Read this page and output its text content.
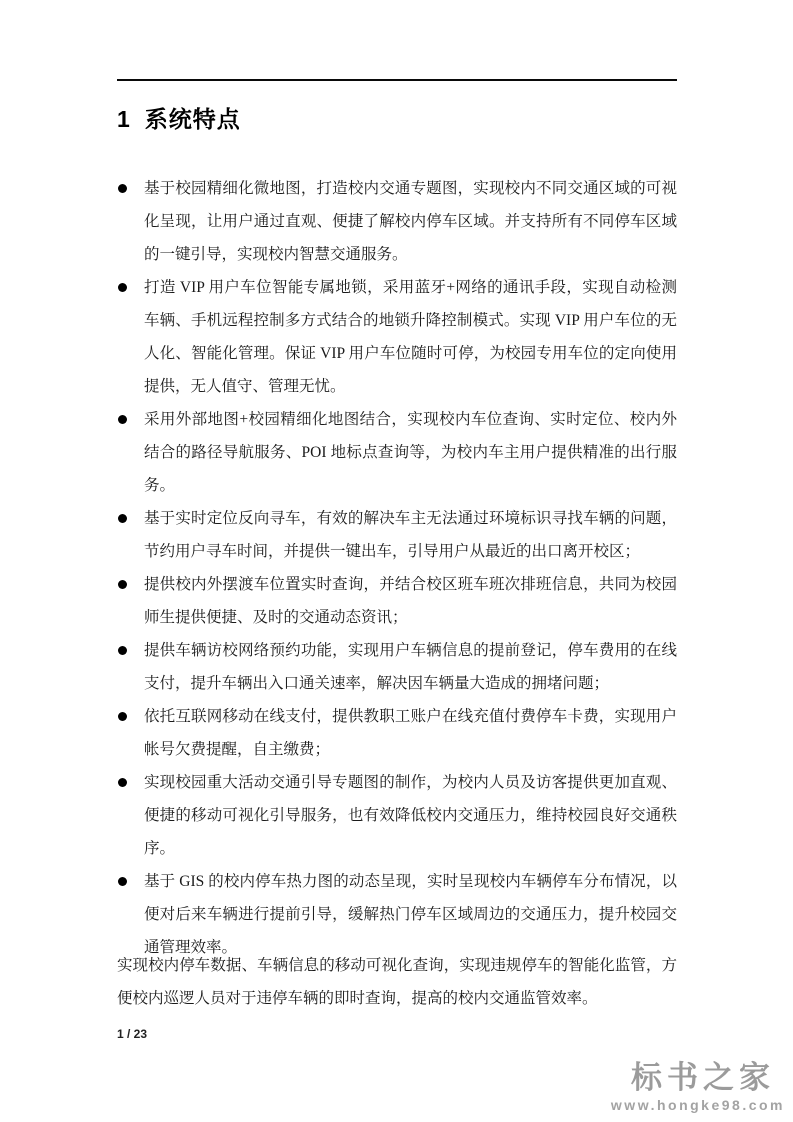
1 系统特点
基于校园精细化微地图，打造校内交通专题图，实现校内不同交通区域的可视化呈现，让用户通过直观、便捷了解校内停车区域。并支持所有不同停车区域的一键引导，实现校内智慧交通服务。
打造 VIP 用户车位智能专属地锁，采用蓝牙+网络的通讯手段，实现自动检测车辆、手机远程控制多方式结合的地锁升降控制模式。实现 VIP 用户车位的无人化、智能化管理。保证 VIP 用户车位随时可停，为校园专用车位的定向使用提供，无人值守、管理无忧。
采用外部地图+校园精细化地图结合，实现校内车位查询、实时定位、校内外结合的路径导航服务、POI 地标点查询等，为校内车主用户提供精准的出行服务。
基于实时定位反向寻车，有效的解决车主无法通过环境标识寻找车辆的问题，节约用户寻车时间，并提供一键出车，引导用户从最近的出口离开校区；
提供校内外摆渡车位置实时查询，并结合校区班车班次排班信息，共同为校园师生提供便捷、及时的交通动态资讯；
提供车辆访校网络预约功能，实现用户车辆信息的提前登记，停车费用的在线支付，提升车辆出入口通关速率，解决因车辆量大造成的拥堵问题；
依托互联网移动在线支付，提供教职工账户在线充值付费停车卡费，实现用户帐号欠费提醒，自主缴费；
实现校园重大活动交通引导专题图的制作，为校内人员及访客提供更加直观、便捷的移动可视化引导服务，也有效降低校内交通压力，维持校园良好交通秩序。
基于 GIS 的校内停车热力图的动态呈现，实时呈现校内车辆停车分布情况，以便对后来车辆进行提前引导，缓解热门停车区域周边的交通压力，提升校园交通管理效率。

实现校内停车数据、车辆信息的移动可视化查询，实现违规停车的智能化监管，方便校内巡逻人员对于违停车辆的即时查询，提高的校内交通监管效率。

1 / 23
标书之家
www.hongke98.com
